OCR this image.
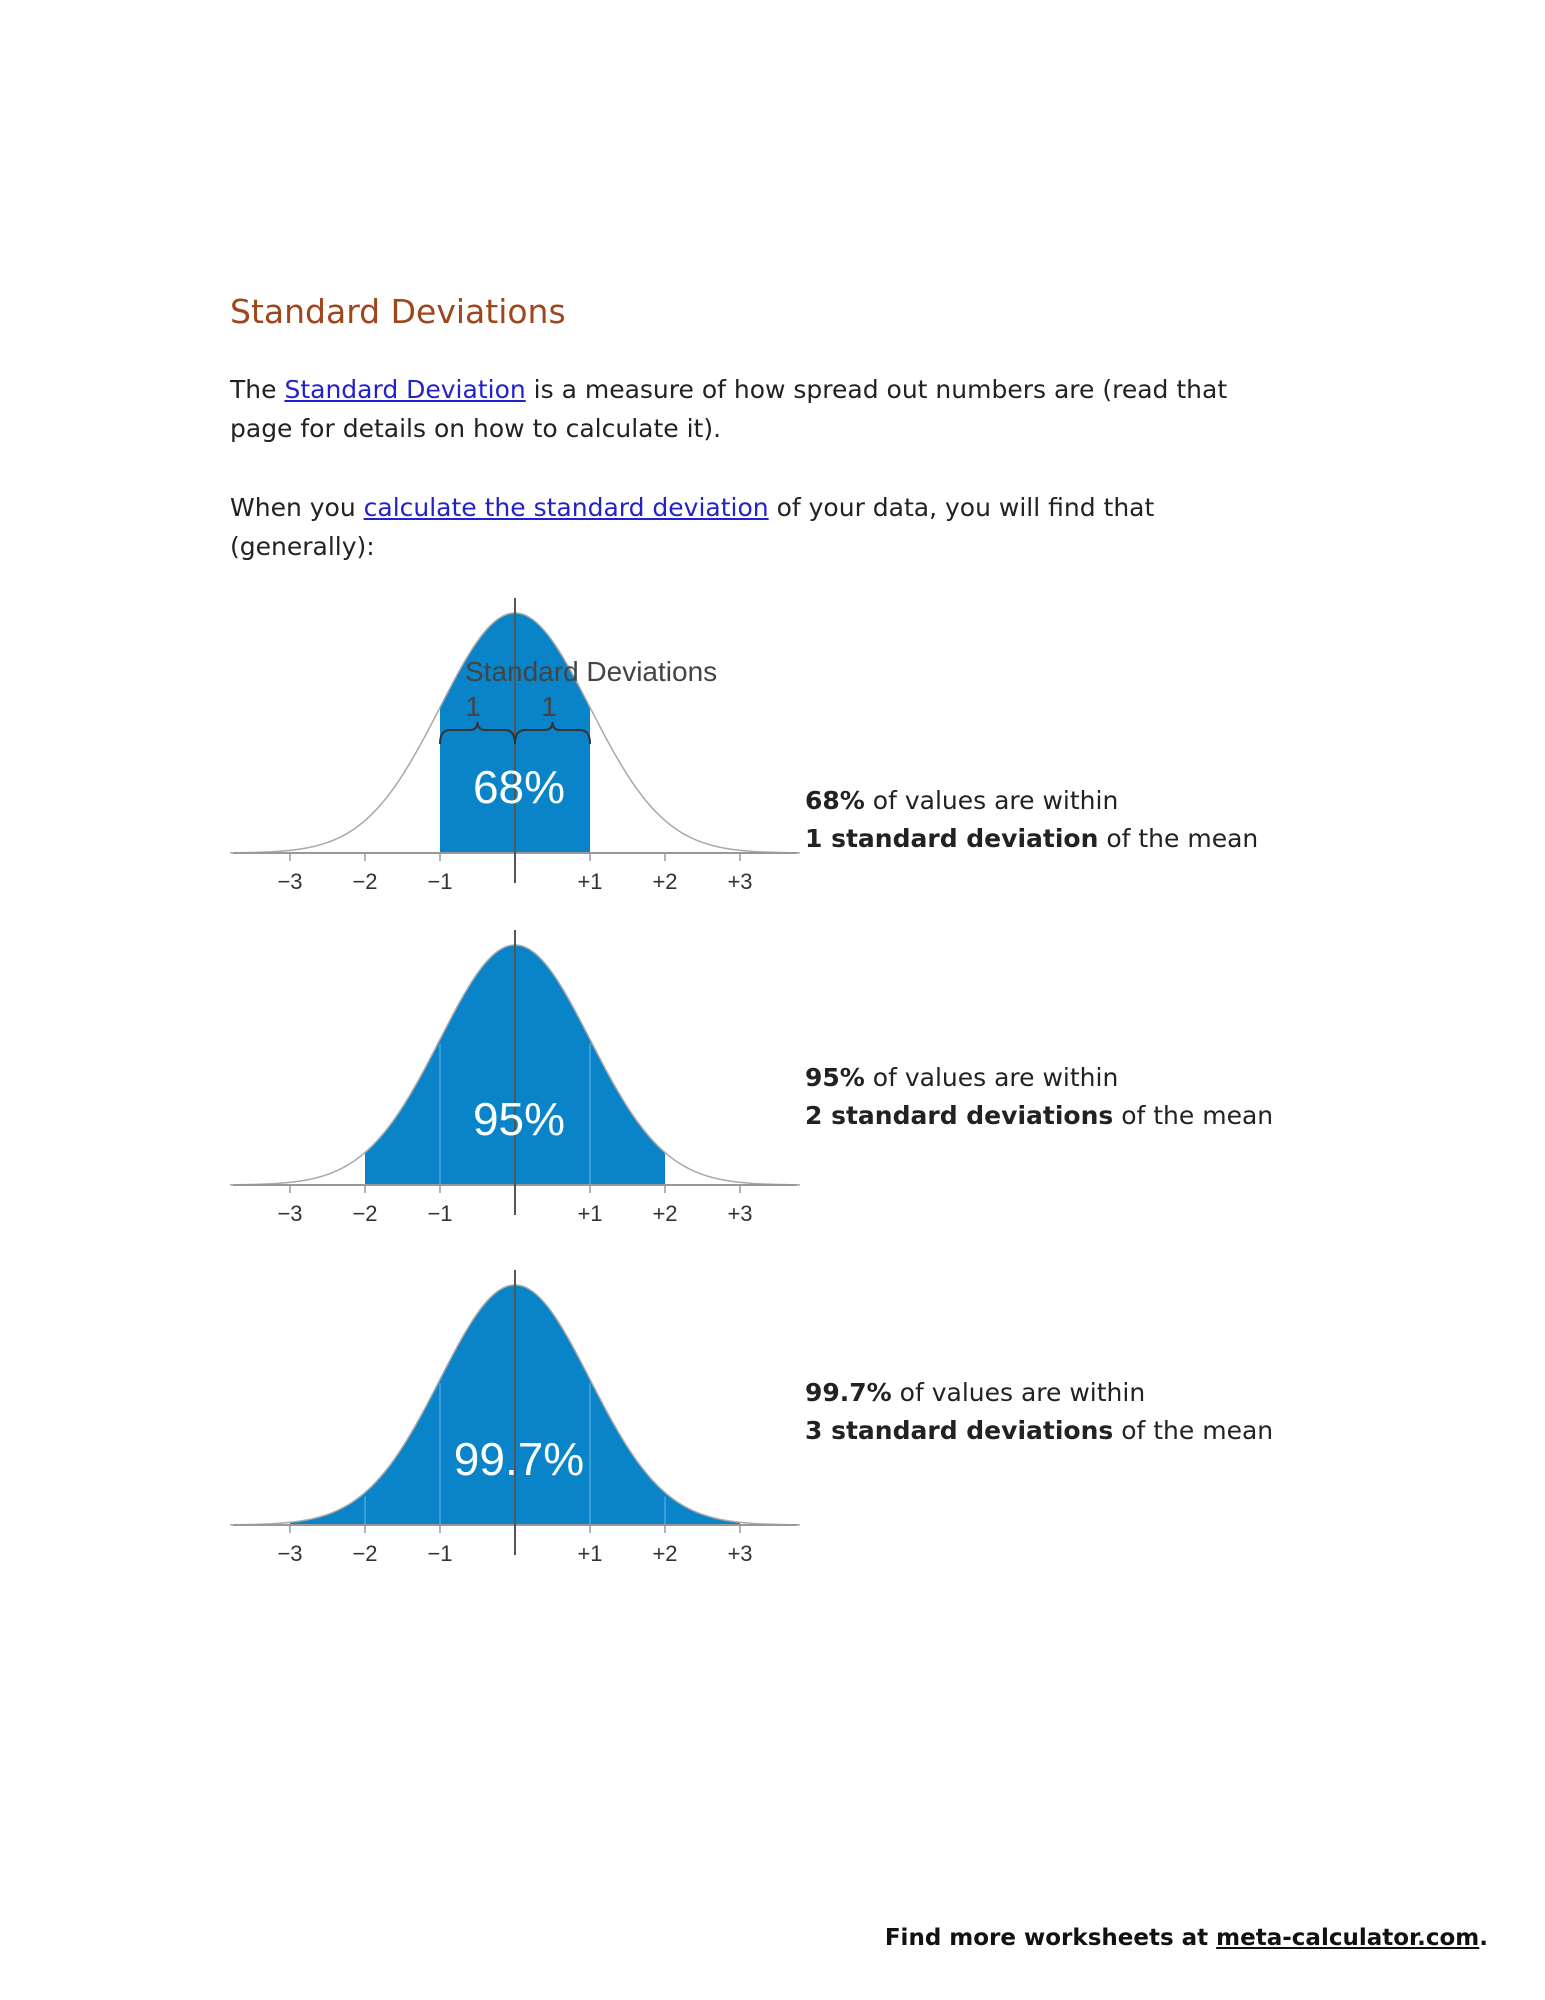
Standard Deviations

The Standard Deviation is a measure of how spread out numbers are (read that page for details on how to calculate it).

When you calculate the standard deviation of your data, you will find that (generally):

−3 −2 −1	+1 +2 +3
68%
Standard Deviations
1 1
−3 −2 −1	+1 +2 +3
95%
−3 −2 −1	+1 +2 +3
99.7%

68% of values are within
1 standard deviation of the mean

95% of values are within
2 standard deviations of the mean

99.7% of values are within
3 standard deviations of the mean

Find more worksheets at meta-calculator.com.
